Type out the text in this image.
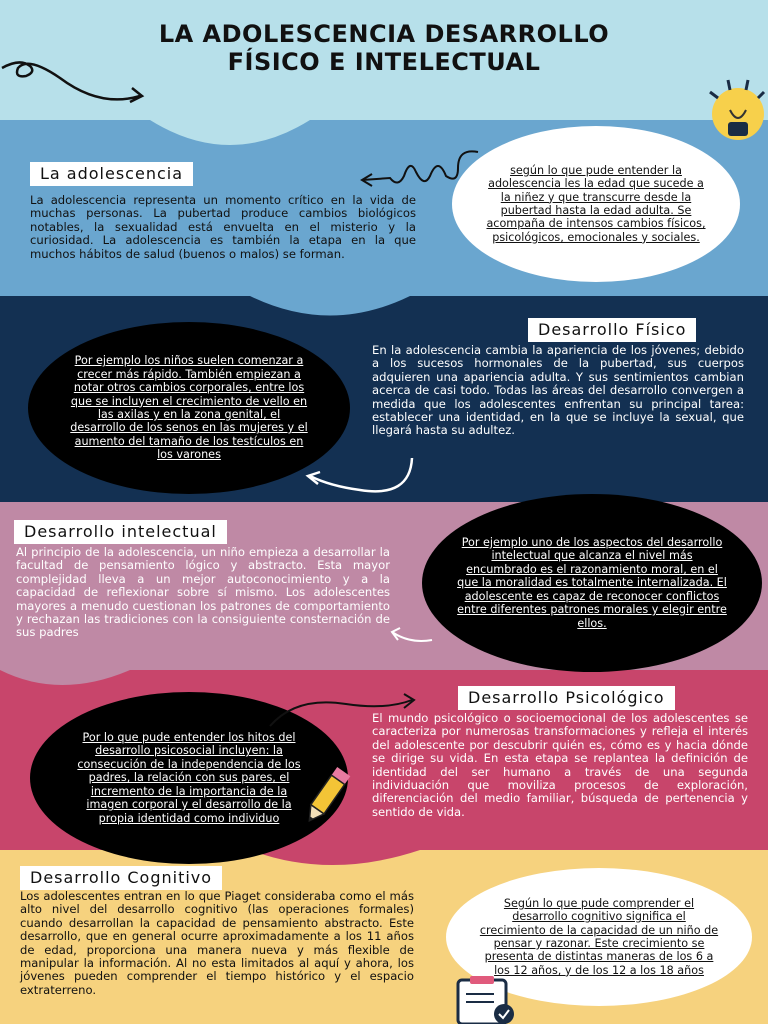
LA ADOLESCENCIA DESARROLLO
FÍSICO E INTELECTUAL
La adolescencia
La adolescencia representa un momento crítico en la vida de muchas personas. La pubertad produce cambios biológicos notables, la sexualidad está envuelta en el misterio y la curiosidad. La adolescencia es también la etapa en la que muchos hábitos de salud (buenos o malos) se forman.

según lo que pude entender la adolescencia les la edad que sucede a la niñez y que transcurre desde la pubertad hasta la edad adulta. Se acompaña de intensos cambios físicos, psicológicos, emocionales y sociales.

Desarrollo Físico
En la adolescencia cambia la apariencia de los jóvenes; debido a los sucesos hormonales de la pubertad, sus cuerpos adquieren una apariencia adulta. Y sus sentimientos cambian acerca de casi todo. Todas las áreas del desarrollo convergen a medida que los adolescentes enfrentan su principal tarea: establecer una identidad, en la que se incluye la sexual, que llegará hasta su adultez.

Por ejemplo los niños suelen comenzar a crecer más rápido. También empiezan a notar otros cambios corporales, entre los que se incluyen el crecimiento de vello en las axilas y en la zona genital, el desarrollo de los senos en las mujeres y el aumento del tamaño de los testículos en los varones

Desarrollo intelectual
Al principio de la adolescencia, un niño empieza a desarrollar la facultad de pensamiento lógico y abstracto. Esta mayor complejidad lleva a un mejor autoconocimiento y a la capacidad de reflexionar sobre sí mismo. Los adolescentes mayores a menudo cuestionan los patrones de comportamiento y rechazan las tradiciones con la consiguiente consternación de sus padres

Por ejemplo uno de los aspectos del desarrollo intelectual que alcanza el nivel más encumbrado es el razonamiento moral, en el que la moralidad es totalmente internalizada. El adolescente es capaz de reconocer conflictos entre diferentes patrones morales y elegir entre ellos.

Desarrollo Psicológico
El mundo psicológico o socioemocional de los adolescentes se caracteriza por numerosas transformaciones y refleja el interés del adolescente por descubrir quién es, cómo es y hacia dónde se dirige su vida. En esta etapa se replantea la definición de identidad del ser humano a través de una segunda individuación que moviliza procesos de exploración, diferenciación del medio familiar, búsqueda de pertenencia y sentido de vida.

Por lo que pude entender los hitos del desarrollo psicosocial incluyen: la consecución de la independencia de los padres, la relación con sus pares, el incremento de la importancia de la imagen corporal y el desarrollo de la propia identidad como individuo

Desarrollo Cognitivo
Los adolescentes entran en lo que Piaget consideraba como el más alto nivel del desarrollo cognitivo (las operaciones formales) cuando desarrollan la capacidad de pensamiento abstracto. Este desarrollo, que en general ocurre aproximadamente a los 11 años de edad, proporciona una manera nueva y más flexible de manipular la información. Al no esta limitados al aquí y ahora, los jóvenes pueden comprender el tiempo histórico y el espacio extraterreno.

Según lo que pude comprender el desarrollo cognitivo significa el crecimiento de la capacidad de un niño de pensar y razonar. Este crecimiento se presenta de distintas maneras de los 6 a los 12 años, y de los 12 a los 18 años
